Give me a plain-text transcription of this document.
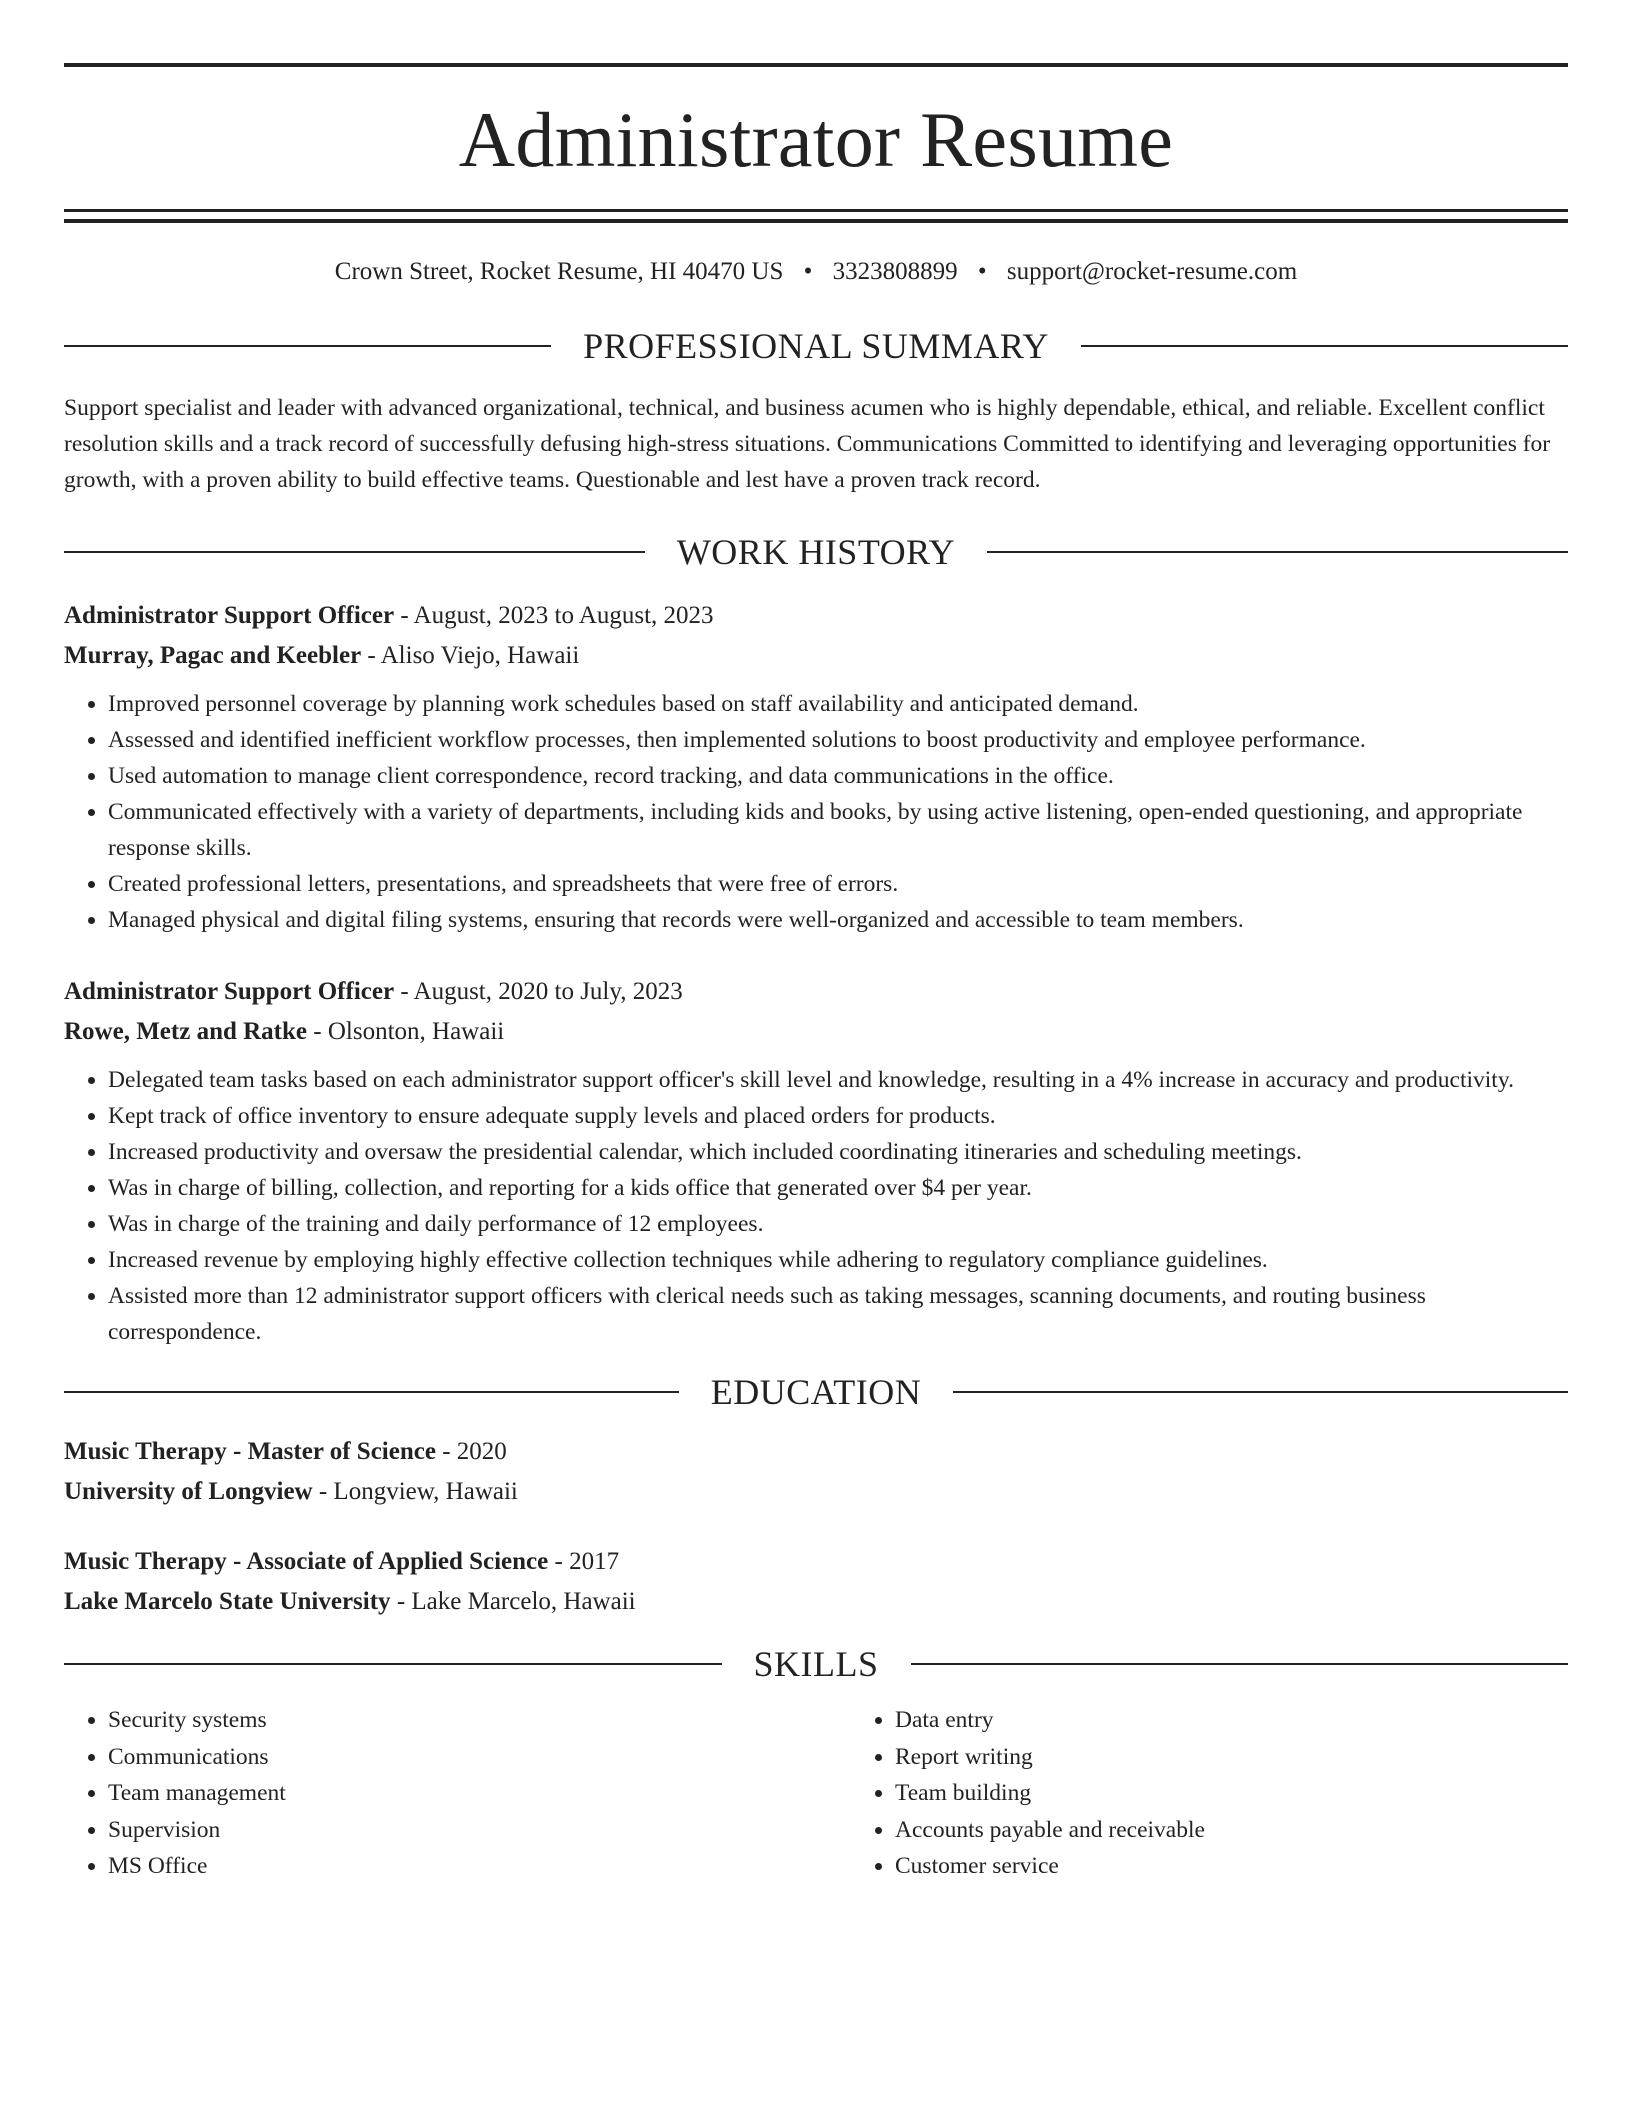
Administrator Resume
Crown Street, Rocket Resume, HI 40470 US • 3323808899 • support@rocket-resume.com
PROFESSIONAL SUMMARY
Support specialist and leader with advanced organizational, technical, and business acumen who is highly dependable, ethical, and reliable. Excellent conflict resolution skills and a track record of successfully defusing high-stress situations. Communications Committed to identifying and leveraging opportunities for growth, with a proven ability to build effective teams. Questionable and lest have a proven track record.
WORK HISTORY
Administrator Support Officer - August, 2023 to August, 2023
Murray, Pagac and Keebler - Aliso Viejo, Hawaii
• Improved personnel coverage by planning work schedules based on staff availability and anticipated demand.
• Assessed and identified inefficient workflow processes, then implemented solutions to boost productivity and employee performance.
• Used automation to manage client correspondence, record tracking, and data communications in the office.
• Communicated effectively with a variety of departments, including kids and books, by using active listening, open-ended questioning, and appropriate response skills.
• Created professional letters, presentations, and spreadsheets that were free of errors.
• Managed physical and digital filing systems, ensuring that records were well-organized and accessible to team members.
Administrator Support Officer - August, 2020 to July, 2023
Rowe, Metz and Ratke - Olsonton, Hawaii
• Delegated team tasks based on each administrator support officer's skill level and knowledge, resulting in a 4% increase in accuracy and productivity.
• Kept track of office inventory to ensure adequate supply levels and placed orders for products.
• Increased productivity and oversaw the presidential calendar, which included coordinating itineraries and scheduling meetings.
• Was in charge of billing, collection, and reporting for a kids office that generated over $4 per year.
• Was in charge of the training and daily performance of 12 employees.
• Increased revenue by employing highly effective collection techniques while adhering to regulatory compliance guidelines.
• Assisted more than 12 administrator support officers with clerical needs such as taking messages, scanning documents, and routing business correspondence.
EDUCATION
Music Therapy - Master of Science - 2020
University of Longview - Longview, Hawaii
Music Therapy - Associate of Applied Science - 2017
Lake Marcelo State University - Lake Marcelo, Hawaii
SKILLS
• Security systems
• Communications
• Team management
• Supervision
• MS Office
• Data entry
• Report writing
• Team building
• Accounts payable and receivable
• Customer service
